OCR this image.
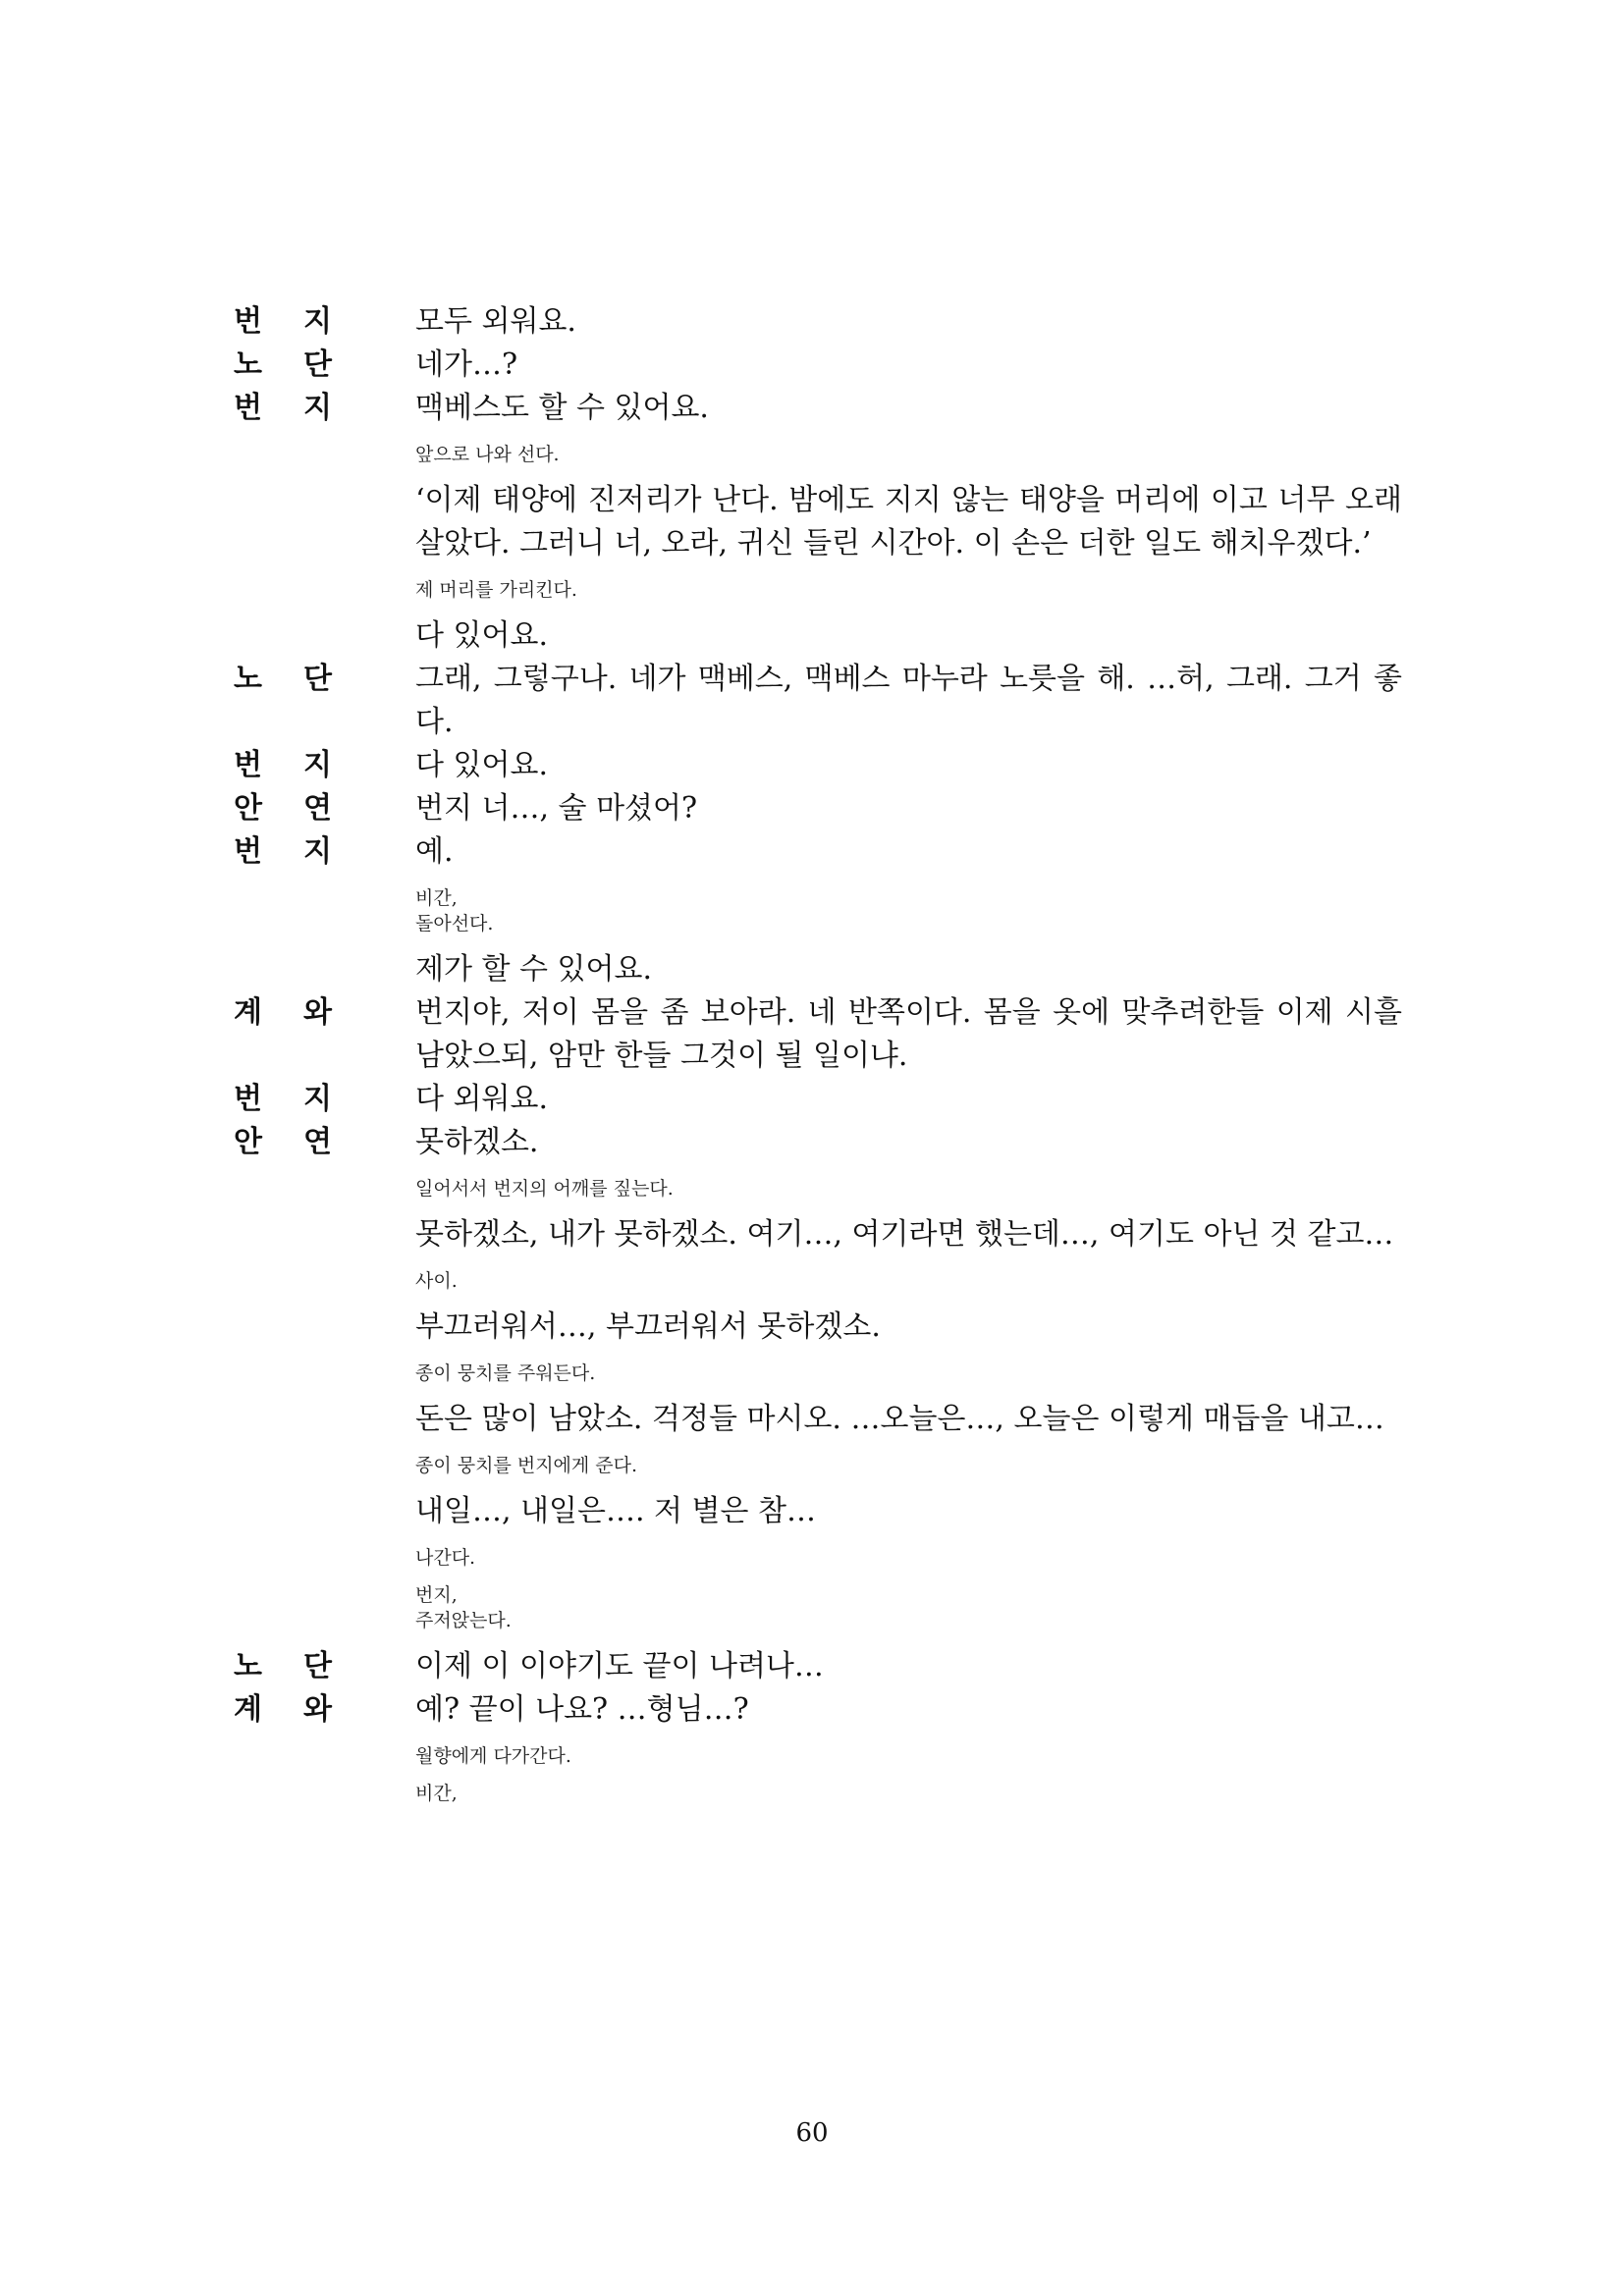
번 지	모두 외워요.
노 단	네가…?
번 지	맥베스도 할 수 있어요.
앞으로 나와 선다.
‘이제 태양에 진저리가 난다. 밤에도 지지 않는 태양을 머리에 이고 너무 오래 살았다. 그러니 너, 오라, 귀신 들린 시간아. 이 손은 더한 일도 해치우겠다.’
제 머리를 가리킨다.
다 있어요.
노 단	그래, 그렇구나. 네가 맥베스, 맥베스 마누라 노릇을 해. …허, 그래. 그거 좋다.
번 지	다 있어요.
안 연	번지 너…, 술 마셨어?
번 지	예.
비간,
돌아선다.
제가 할 수 있어요.
계 와	번지야, 저이 몸을 좀 보아라. 네 반쪽이다. 몸을 옷에 맞추려한들 이제 시흘 남았으되, 암만 한들 그것이 될 일이냐.
번 지	다 외워요.
안 연	못하겠소.
일어서서 번지의 어깨를 짚는다.
못하겠소, 내가 못하겠소. 여기…, 여기라면 했는데…, 여기도 아닌 것 같고…
사이.
부끄러워서…, 부끄러워서 못하겠소.
종이 뭉치를 주워든다.
돈은 많이 남았소. 걱정들 마시오. …오늘은…, 오늘은 이렇게 매듭을 내고…
종이 뭉치를 번지에게 준다.
내일…, 내일은…. 저 별은 참…
나간다.
번지,
주저앉는다.
노 단	이제 이 이야기도 끝이 나려나…
계 와	예? 끝이 나요? …형님…?
월향에게 다가간다.
비간,
60
